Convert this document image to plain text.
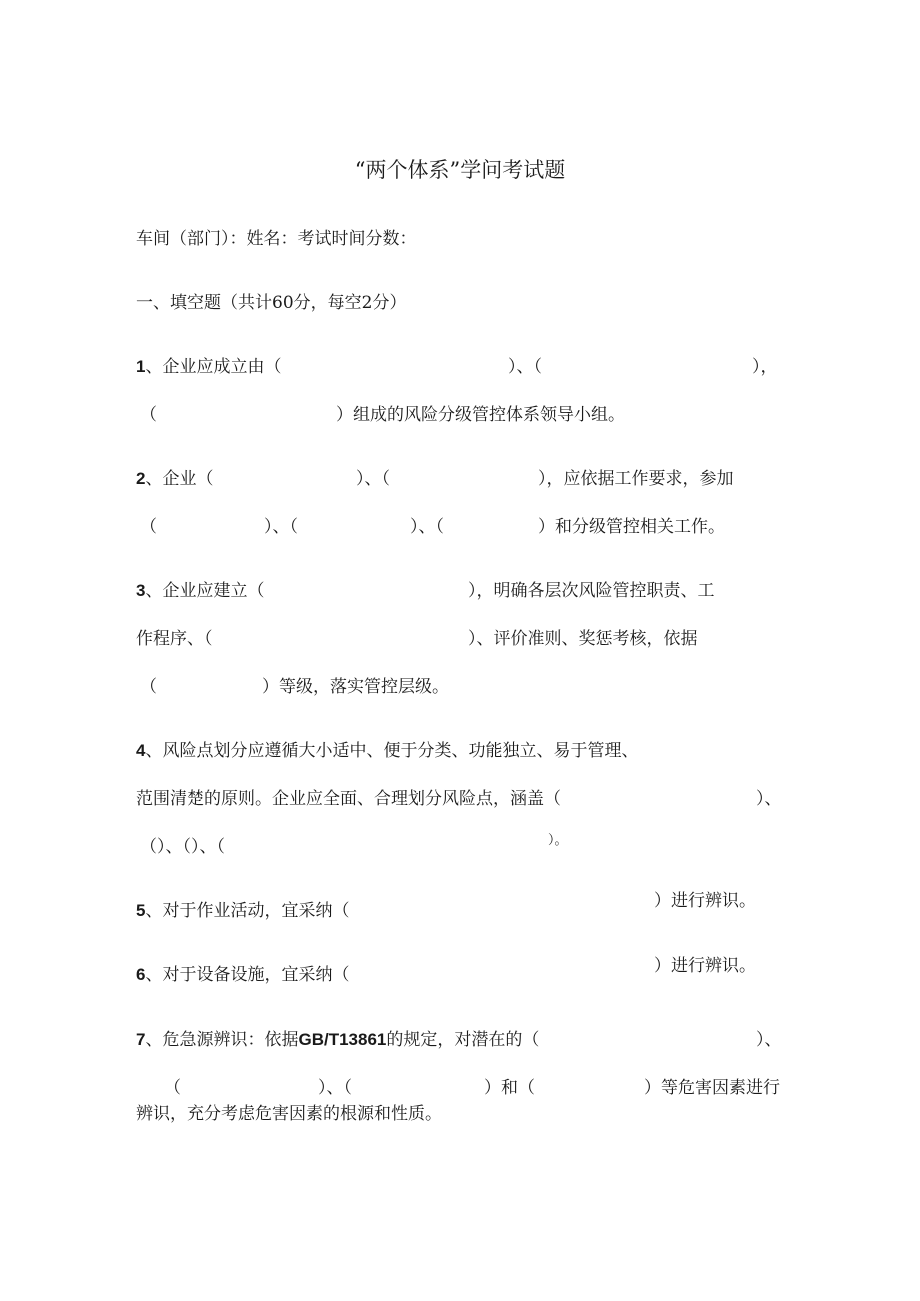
“两个体系”学问考试题
车间（部门）：姓名：考试时间分数：
一、填空题（共计60分，每空2分）
1、企业应成立由（	）、（	），
（	）组成的风险分级管控体系领导小组。
2、企业（	）、（	），应依据工作要求，参加
（	）、（	）、（	）和分级管控相关工作。
3、企业应建立（	），明确各层次风险管控职责、工
作程序、（	）、评价准则、奖惩考核，依据
（	）等级，落实管控层级。
4、风险点划分应遵循大小适中、便于分类、功能独立、易于管理、
范围清楚的原则。企业应全面、合理划分风险点，涵盖（	）、
（）、（）、（	）。
5、对于作业活动，宜采纳（	）进行辨识。
6、对于设备设施，宜采纳（	）进行辨识。
7、危急源辨识：依据GB/T13861的规定，对潜在的（	）、
（	）、（	）和（	）等危害因素进行
辨识，充分考虑危害因素的根源和性质。
